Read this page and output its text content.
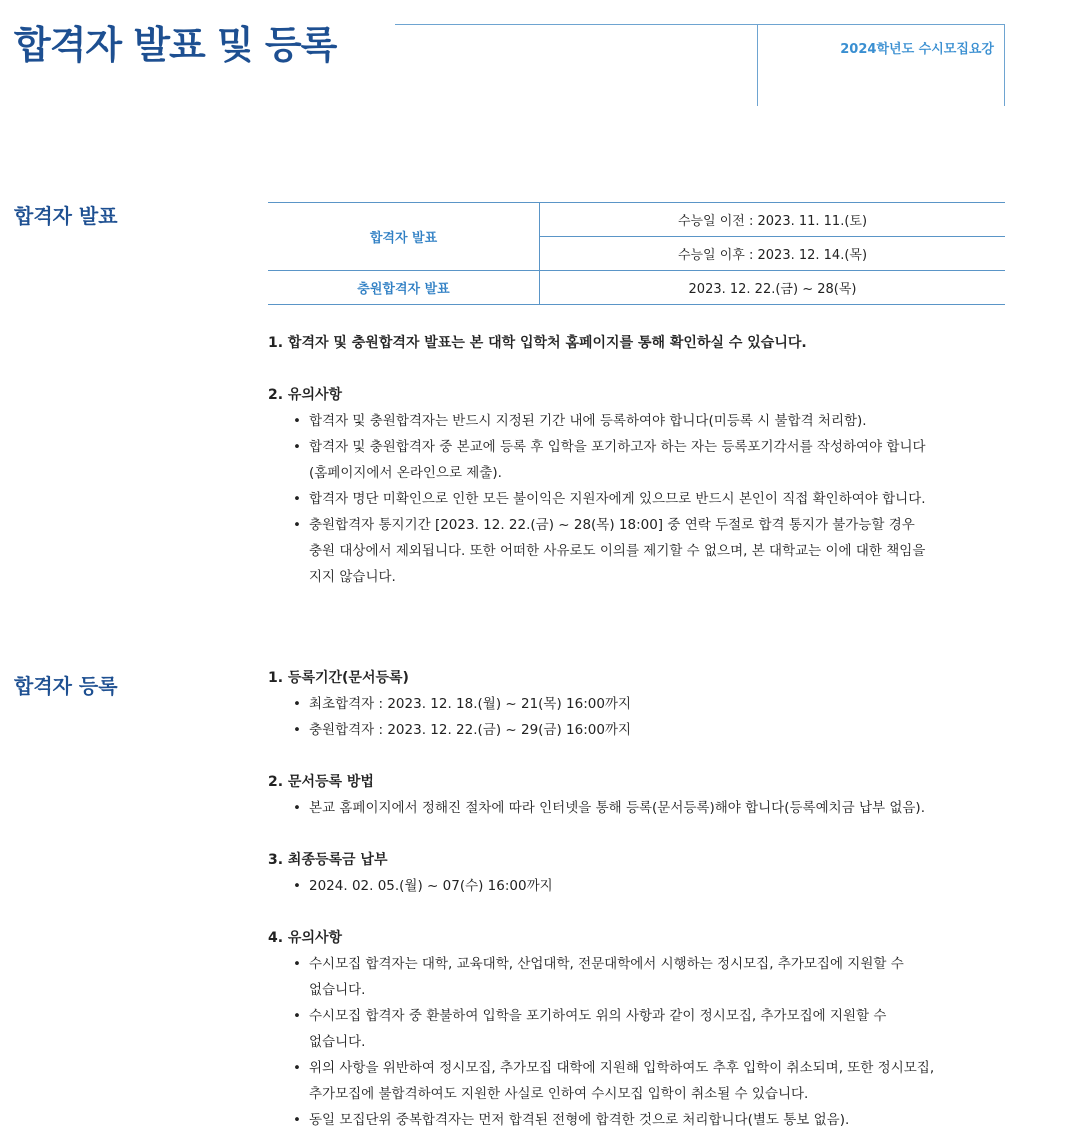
합격자 발표 및 등록	2024학년도 수시모집요강
합격자 발표
합격자 발표	수능일 이전 : 2023. 11. 11.(토)
	수능일 이후 : 2023. 12. 14.(목)
충원합격자 발표	2023. 12. 22.(금) ~ 28(목)

1. 합격자 및 충원합격자 발표는 본 대학 입학처 홈페이지를 통해 확인하실 수 있습니다.

2. 유의사항

• 합격자 및 충원합격자는 반드시 지정된 기간 내에 등록하여야 합니다(미등록 시 불합격 처리함).
• 합격자 및 충원합격자 중 본교에 등록 후 입학을 포기하고자 하는 자는 등록포기각서를 작성하여야 합니다
(홈페이지에서 온라인으로 제출).
• 합격자 명단 미확인으로 인한 모든 불이익은 지원자에게 있으므로 반드시 본인이 직접 확인하여야 합니다.
• 충원합격자 통지기간 [2023. 12. 22.(금) ~ 28(목) 18:00] 중 연락 두절로 합격 통지가 불가능할 경우
충원 대상에서 제외됩니다. 또한 어떠한 사유로도 이의를 제기할 수 없으며, 본 대학교는 이에 대한 책임을
지지 않습니다.
합격자 등록	1. 등록기간(문서등록)

• 최초합격자 : 2023. 12. 18.(월) ~ 21(목) 16:00까지
• 충원합격자 : 2023. 12. 22.(금) ~ 29(금) 16:00까지

2. 문서등록 방법

• 본교 홈페이지에서 정해진 절차에 따라 인터넷을 통해 등록(문서등록)해야 합니다(등록예치금 납부 없음).

3. 최종등록금 납부

• 2024. 02. 05.(월) ~ 07(수) 16:00까지

4. 유의사항

• 수시모집 합격자는 대학, 교육대학, 산업대학, 전문대학에서 시행하는 정시모집, 추가모집에 지원할 수
없습니다.
• 수시모집 합격자 중 환불하여 입학을 포기하여도 위의 사항과 같이 정시모집, 추가모집에 지원할 수
없습니다.
• 위의 사항을 위반하여 정시모집, 추가모집 대학에 지원해 입학하여도 추후 입학이 취소되며, 또한 정시모집,
추가모집에 불합격하여도 지원한 사실로 인하여 수시모집 입학이 취소될 수 있습니다.
• 동일 모집단위 중복합격자는 먼저 합격된 전형에 합격한 것으로 처리합니다(별도 통보 없음).
